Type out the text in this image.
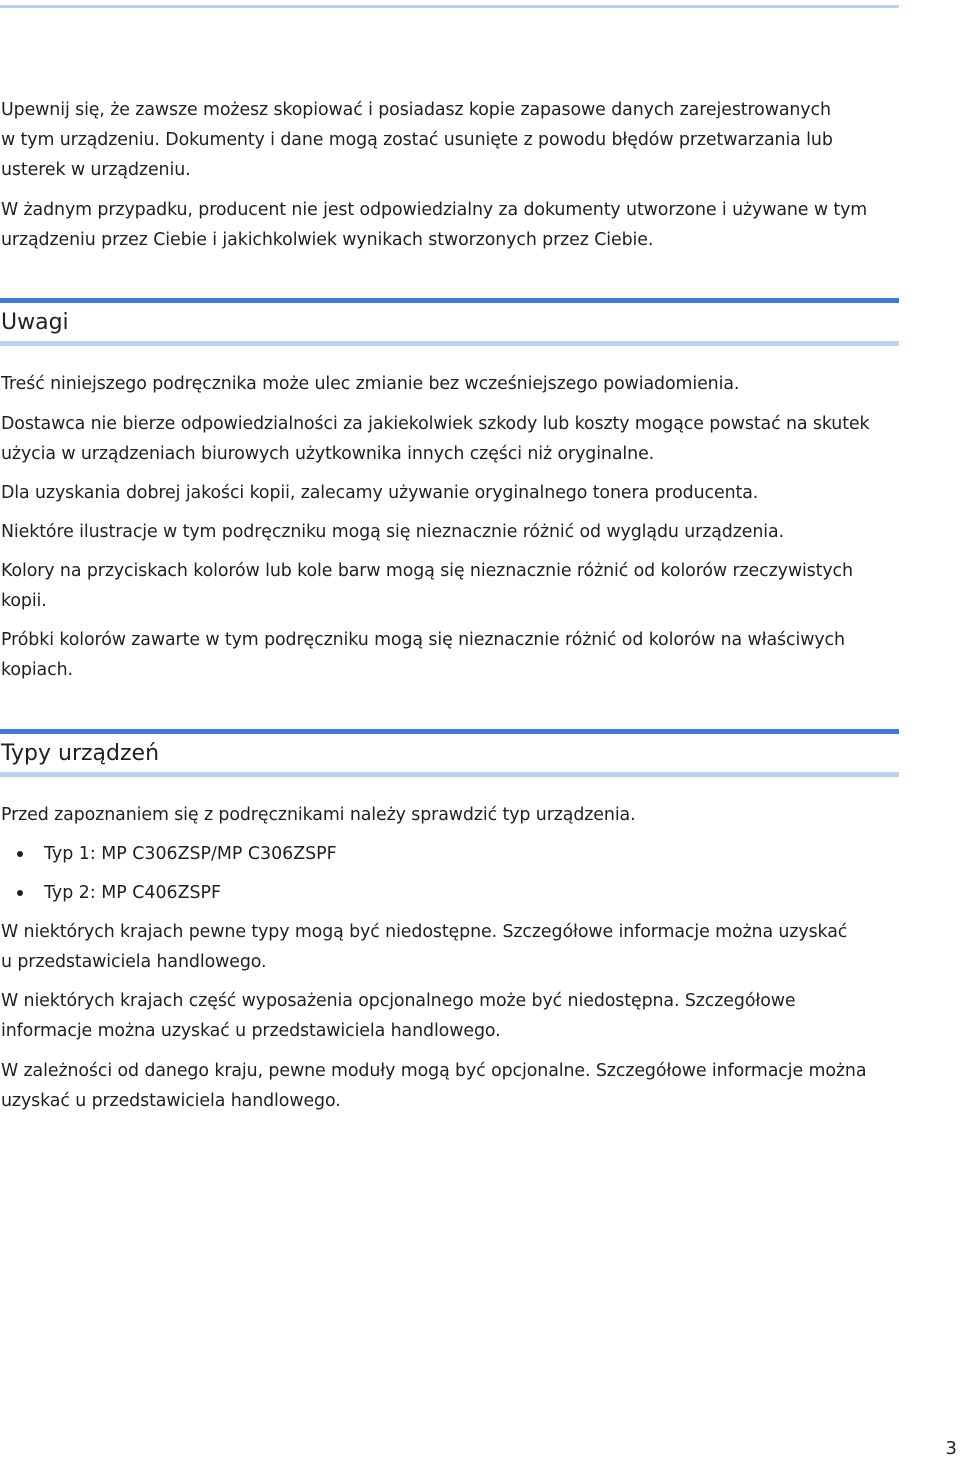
Upewnij się, że zawsze możesz skopiować i posiadasz kopie zapasowe danych zarejestrowanych
w tym urządzeniu. Dokumenty i dane mogą zostać usunięte z powodu błędów przetwarzania lub
usterek w urządzeniu.

W żadnym przypadku, producent nie jest odpowiedzialny za dokumenty utworzone i używane w tym
urządzeniu przez Ciebie i jakichkolwiek wynikach stworzonych przez Ciebie.

Uwagi

Treść niniejszego podręcznika może ulec zmianie bez wcześniejszego powiadomienia.

Dostawca nie bierze odpowiedzialności za jakiekolwiek szkody lub koszty mogące powstać na skutek
użycia w urządzeniach biurowych użytkownika innych części niż oryginalne.

Dla uzyskania dobrej jakości kopii, zalecamy używanie oryginalnego tonera producenta.

Niektóre ilustracje w tym podręczniku mogą się nieznacznie różnić od wyglądu urządzenia.

Kolory na przyciskach kolorów lub kole barw mogą się nieznacznie różnić od kolorów rzeczywistych
kopii.

Próbki kolorów zawarte w tym podręczniku mogą się nieznacznie różnić od kolorów na właściwych
kopiach.

Typy urządzeń

Przed zapoznaniem się z podręcznikami należy sprawdzić typ urządzenia.

Typ 1: MP C306ZSP/MP C306ZSPF
Typ 2: MP C406ZSPF

W niektórych krajach pewne typy mogą być niedostępne. Szczegółowe informacje można uzyskać
u przedstawiciela handlowego.

W niektórych krajach część wyposażenia opcjonalnego może być niedostępna. Szczegółowe
informacje można uzyskać u przedstawiciela handlowego.

W zależności od danego kraju, pewne moduły mogą być opcjonalne. Szczegółowe informacje można
uzyskać u przedstawiciela handlowego.

3
